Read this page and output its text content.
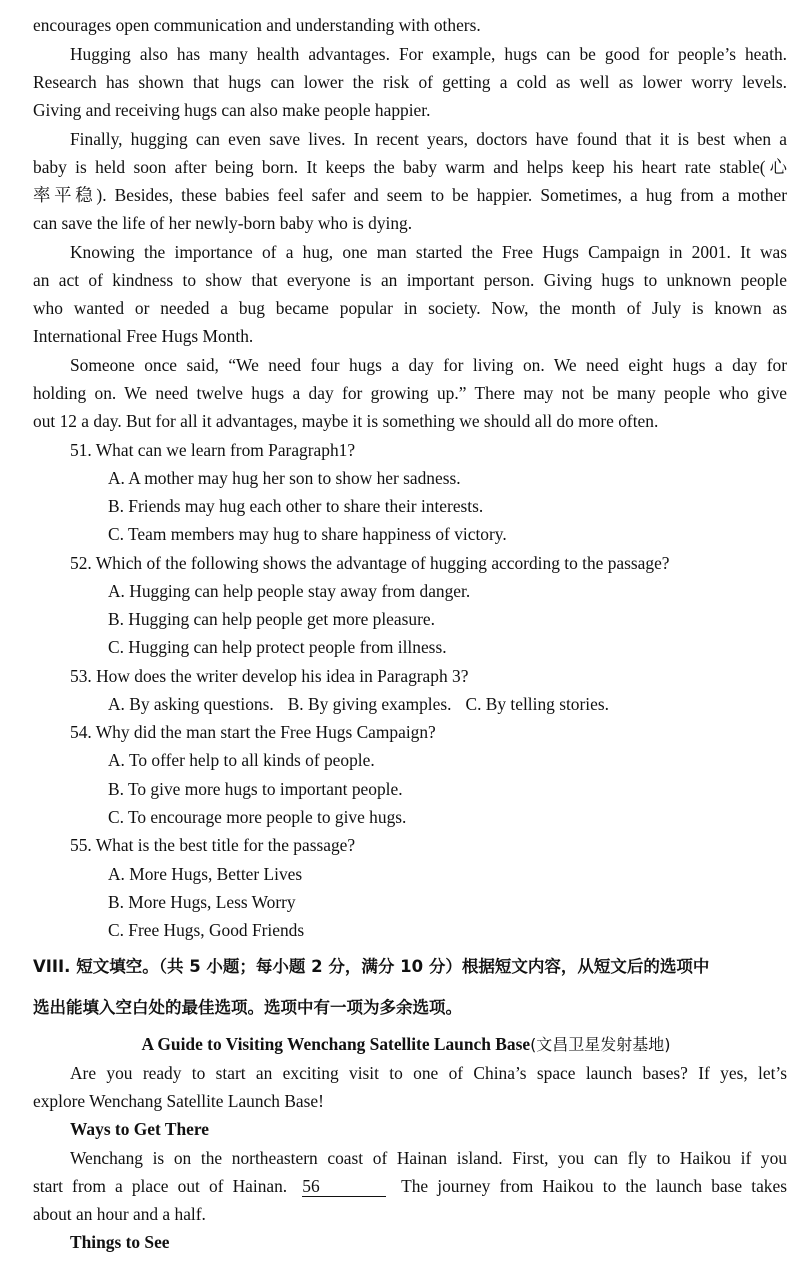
encourages open communication and understanding with others.
Hugging also has many health advantages. For example, hugs can be good for people’s heath.
Research has shown that hugs can lower the risk of getting a cold as well as lower worry levels.
Giving and receiving hugs can also make people happier.
Finally, hugging can even save lives. In recent years, doctors have found that it is best when a
baby is held soon after being born. It keeps the baby warm and helps keep his heart rate stable(心
率平稳). Besides, these babies feel safer and seem to be happier. Sometimes, a hug from a mother
can save the life of her newly-born baby who is dying.
Knowing the importance of a hug, one man started the Free Hugs Campaign in 2001. It was
an act of kindness to show that everyone is an important person. Giving hugs to unknown people
who wanted or needed a bug became popular in society. Now, the month of July is known as
International Free Hugs Month.
Someone once said, “We need four hugs a day for living on. We need eight hugs a day for
holding on. We need twelve hugs a day for growing up.” There may not be many people who give
out 12 a day. But for all it advantages, maybe it is something we should all do more often.
51. What can we learn from Paragraph1?
A. A mother may hug her son to show her sadness.
B. Friends may hug each other to share their interests.
C. Team members may hug to share happiness of victory.
52. Which of the following shows the advantage of hugging according to the passage?
A. Hugging can help people stay away from danger.
B. Hugging can help people get more pleasure.
C. Hugging can help protect people from illness.
53. How does the writer develop his idea in Paragraph 3?
A. By asking questions. B. By giving examples. C. By telling stories.
54. Why did the man start the Free Hugs Campaign?
A. To offer help to all kinds of people.
B. To give more hugs to important people.
C. To encourage more people to give hugs.
55. What is the best title for the passage?
A. More Hugs, Better Lives
B. More Hugs, Less Worry
C. Free Hugs, Good Friends
VIII. 短文填空。（共 5 小题；每小题 2 分，满分 10 分）根据短文内容，从短文后的选项中
选出能填入空白处的最佳选项。选项中有一项为多余选项。
A Guide to Visiting Wenchang Satellite Launch Base(文昌卫星发射基地)
Are you ready to start an exciting visit to one of China’s space launch bases? If yes, let’s
explore Wenchang Satellite Launch Base!
Ways to Get There
Wenchang is on the northeastern coast of Hainan island. First, you can fly to Haikou if you
start from a place out of Hainan. 56	The journey from Haikou to the launch base takes
about an hour and a half.
Things to See
